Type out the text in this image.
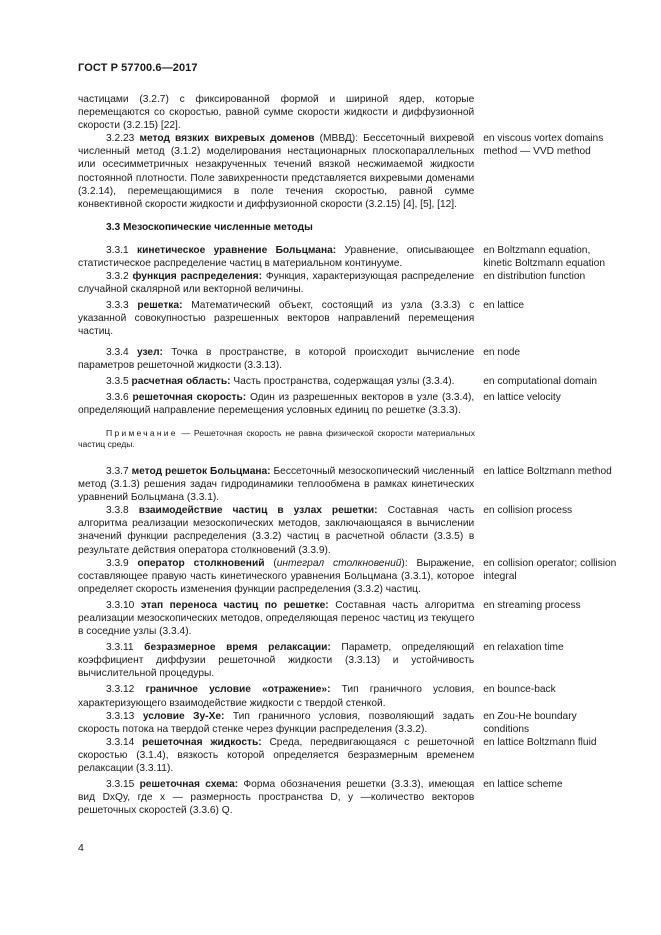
ГОСТ Р 57700.6—2017
частицами (3.2.7) с фиксированной формой и шириной ядер, которые перемещаются со скоростью, равной сумме скорости жидкости и диффузионной скорости (3.2.15) [22].
3.2.23 метод вязких вихревых доменов (МВВД): Бессеточный вихревой численный метод (3.1.2) моделирования нестационарных плоскопараллельных или осесимметричных незакрученных течений вязкой несжимаемой жидкости постоянной плотности. Поле завихренности представляется вихревыми доменами (3.2.14), перемещающимися в поле течения скоростью, равной сумме конвективной скорости жидкости и диффузионной скорости (3.2.15) [4], [5], [12].
en viscous vortex domains method — VVD method
3.3 Мезоскопические численные методы
3.3.1 кинетическое уравнение Больцмана: Уравнение, описывающее статистическое распределение частиц в материальном континууме.
en Boltzmann equation, kinetic Boltzmann equation
3.3.2 функция распределения: Функция, характеризующая распределение случайной скалярной или векторной величины.
en distribution function
3.3.3 решетка: Математический объект, состоящий из узла (3.3.3) с указанной совокупностью разрешенных векторов направлений перемещения частиц.
en lattice
3.3.4 узел: Точка в пространстве, в которой происходит вычисление параметров решеточной жидкости (3.3.13).
en node
3.3.5 расчетная область: Часть пространства, содержащая узлы (3.3.4).	en computational domain
3.3.6 решеточная скорость: Один из разрешенных векторов в узле (3.3.4), определяющий направление перемещения условных единиц по решетке (3.3.3).
en lattice velocity
Примечание — Решеточная скорость не равна физической скорости материальных частиц среды.
3.3.7 метод решеток Больцмана: Бессеточный мезоскопический численный метод (3.1.3) решения задач гидродинамики теплообмена в рамках кинетических уравнений Больцмана (3.3.1).
en lattice Boltzmann method
3.3.8 взаимодействие частиц в узлах решетки: Составная часть алгоритма реализации мезоскопических методов, заключающаяся в вычислении значений функции распределения (3.3.2) частиц в расчетной области (3.3.5) в результате действия оператора столкновений (3.3.9).
en collision process
3.3.9 оператор столкновений (интеграл столкновений): Выражение, составляющее правую часть кинетического уравнения Больцмана (3.3.1), которое определяет скорость изменения функции распределения (3.3.2) частиц.
en collision operator; collision integral
3.3.10 этап переноса частиц по решетке: Составная часть алгоритма реализации мезоскопических методов, определяющая перенос частиц из текущего в соседние узлы (3.3.4).
en streaming process
3.3.11 безразмерное время релаксации: Параметр, определяющий коэффициент диффузии решеточной жидкости (3.3.13) и устойчивость вычислительной процедуры.
en relaxation time
3.3.12 граничное условие «отражение»: Тип граничного условия, характеризующего взаимодействие жидкости с твердой стенкой.
en bounce-back
3.3.13 условие Зу-Хе: Тип граничного условия, позволяющий задать скорость потока на твердой стенке через функции распределения (3.3.2).
en Zou-He boundary conditions
3.3.14 решеточная жидкость: Среда, передвигающаяся с решеточной скоростью (3.1.4), вязкость которой определяется безразмерным временем релаксации (3.3.11).
en lattice Boltzmann fluid
3.3.15 решеточная схема: Форма обозначения решетки (3.3.3), имеющая вид DxQy, где x — размерность пространства D, y —количество векторов решеточных скоростей (3.3.6) Q.
en lattice scheme
4
